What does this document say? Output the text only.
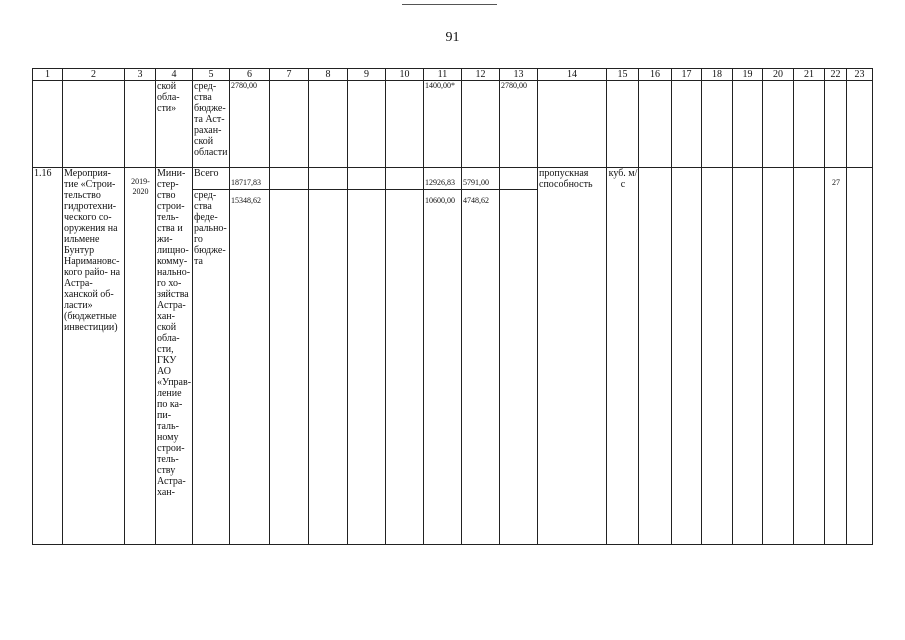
91
1	2	3	4	5	6	7	8	9	10	11	12	13	14	15	16	17	18	19	20	21	22	23
			ской обла- сти»	сред- ства бюдже- та Аст- рахан- ской области	2780,00					1400,00*		2780,00										
1.16	Мероприя- тие «Строи- тельство гидротехни- ческого со- оружения на ильмене Бунтур Наримановс- кого райо- на Астра- ханской об- ласти» (бюджетные инвестиции)	2019- 2020	Мини- стер- ство строи- тель- ства и жи- лищно- комму- нально- го хо- зяйства Астра- хан- ской обла- сти, ГКУ АО «Управ- ление по ка- пи- таль- ному строи- тель- ству Астра- хан-	Всего	18717,83					12926,83	5791,00		пропускная способность	куб. м/с							27	
				сред- ства феде- рально- го бюдже- та	15348,62					10600,00	4748,62											
